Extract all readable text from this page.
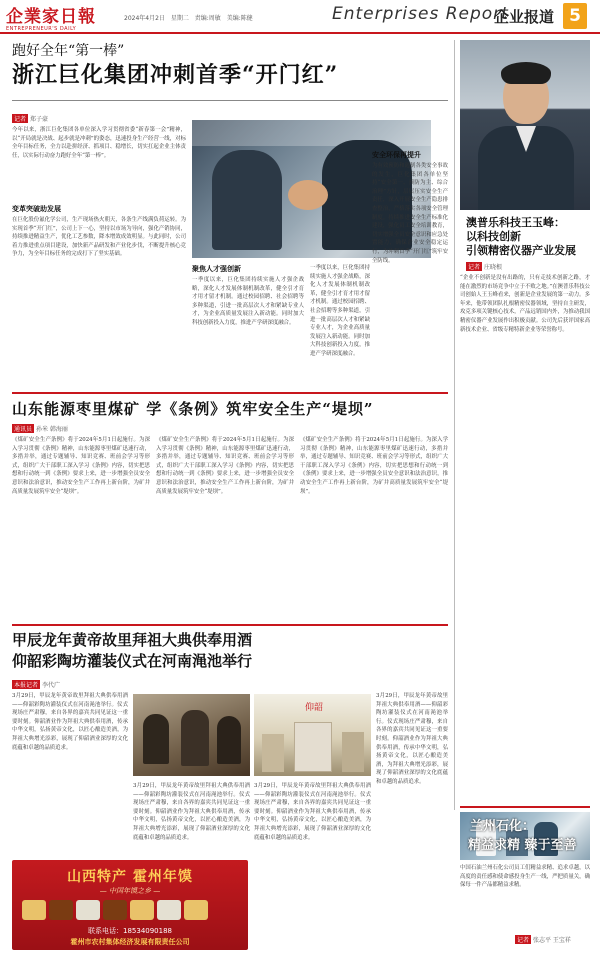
企業家日報
ENTREPRENEUR'S DAILY
2024年4月2日 星期二 责编:周敏 美编:陈健	Enterprises Report
企业报道 5
跑好全年“第一棒”
浙江巨化集团冲刺首季“开门红”
记者 郑子豪
今年以来，浙江巨化集团各单位深入学习贯彻省委“新春第一会”精神，以“开局就是决战、起步就是冲刺”的姿态，迅速投身生产经营一线，对标全年目标任务，全力以赴拼经济、抓项目、稳增长，切实扛起企业主体责任，以实际行动奋力跑好全年“第一棒”。
变革突破助发展
在巨化股份氟化学公司，生产现场热火朝天，各条生产线满负荷运转。为实现首季“开门红”，公司上下一心，坚持以市场为导向，强化产销协同，持续推进精益生产，优化工艺参数，降本增效成效明显。与此同时，公司着力推进重点项目建设，加快新产品研发和产业化步伐，不断提升核心竞争力，为全年目标任务的完成打下了坚实基础。
聚焦人才强创新
一季度以来，巨化集团持续实施人才强企战略，深化人才发展体制机制改革，健全引才育才用才留才机制。通过校园招聘、社会招聘等多种渠道，引进一批高层次人才和紧缺专业人才，为企业高质量发展注入新动能。同时加大科技创新投入力度，推进产学研深度融合。
一季度以来，巨化集团持续实施人才强企战略，深化人才发展体制机制改革，健全引才育才用才留才机制。通过校园招聘、社会招聘等多种渠道，引进一批高层次人才和紧缺专业人才，为企业高质量发展注入新动能。同时加大科技创新投入力度，推进产学研深度融合。
安全环保再提升
为有效预防和遏制各类安全事故的发生，巨化集团各单位坚持“安全第一、预防为主、综合治理”方针，层层压实安全生产责任，深入开展安全生产隐患排查整治，严格落实各项安全管理制度。持续推进安全生产标准化建设，强化员工安全培训教育，切实增强全员安全意识和应急处置能力，确保企业安全稳定运行，为冲刺首季“开门红”筑牢安全防线。
澳普乐科技王玉峰：
以科技创新
引领精密仪器产业发展
记者 庄晓根
“企业不创新是没有出路的，只有走技术创新之路，才能在激烈的市场竞争中立于不败之地。”在澳普乐科技公司创始人王玉峰看来，创新是企业发展的第一动力。多年来，他带领团队扎根精密仪器领域，坚持自主研发，攻克多项关键核心技术，产品远销国内外，为推动我国精密仪器产业发展作出积极贡献。公司先后获评国家高新技术企业、省级专精特新企业等荣誉称号。
山东能源枣里煤矿 学《条例》筑牢安全生产“堤坝”
通讯员 孙米 韩海丽
《煤矿安全生产条例》将于2024年5月1日起施行。为深入学习贯彻《条例》精神，山东能源枣里煤矿迅速行动，多措并举，通过专题辅导、知识竞赛、班前会学习等形式，组织广大干部职工深入学习《条例》内容，切实把思想和行动统一到《条例》要求上来，进一步增强全员安全意识和法治意识，推动安全生产工作再上新台阶，为矿井高质量发展筑牢安全“堤坝”。
《煤矿安全生产条例》将于2024年5月1日起施行。为深入学习贯彻《条例》精神，山东能源枣里煤矿迅速行动，多措并举，通过专题辅导、知识竞赛、班前会学习等形式，组织广大干部职工深入学习《条例》内容，切实把思想和行动统一到《条例》要求上来，进一步增强全员安全意识和法治意识，推动安全生产工作再上新台阶，为矿井高质量发展筑牢安全“堤坝”。
《煤矿安全生产条例》将于2024年5月1日起施行。为深入学习贯彻《条例》精神，山东能源枣里煤矿迅速行动，多措并举，通过专题辅导、知识竞赛、班前会学习等形式，组织广大干部职工深入学习《条例》内容，切实把思想和行动统一到《条例》要求上来，进一步增强全员安全意识和法治意识，推动安全生产工作再上新台阶，为矿井高质量发展筑牢安全“堤坝”。
甲辰龙年黄帝故里拜祖大典供奉用酒
仰韶彩陶坊灌装仪式在河南渑池举行
本报记者 李代广
3月29日，甲辰龙年黄帝故里拜祖大典供奉用酒——仰韶彩陶坊灌装仪式在河南渑池举行。仪式现场庄严肃穆，来自各界的嘉宾共同见证这一重要时刻。仰韶酒业作为拜祖大典供奉用酒，传承中华文明，弘扬黄帝文化，以匠心酿造美酒，为拜祖大典增光添彩，展现了仰韶酒业深厚的文化底蕴和卓越的品质追求。
仰韶
3月29日，甲辰龙年黄帝故里拜祖大典供奉用酒——仰韶彩陶坊灌装仪式在河南渑池举行。仪式现场庄严肃穆，来自各界的嘉宾共同见证这一重要时刻。仰韶酒业作为拜祖大典供奉用酒，传承中华文明，弘扬黄帝文化，以匠心酿造美酒，为拜祖大典增光添彩，展现了仰韶酒业深厚的文化底蕴和卓越的品质追求。
3月29日，甲辰龙年黄帝故里拜祖大典供奉用酒——仰韶彩陶坊灌装仪式在河南渑池举行。仪式现场庄严肃穆，来自各界的嘉宾共同见证这一重要时刻。仰韶酒业作为拜祖大典供奉用酒，传承中华文明，弘扬黄帝文化，以匠心酿造美酒，为拜祖大典增光添彩，展现了仰韶酒业深厚的文化底蕴和卓越的品质追求。
3月29日，甲辰龙年黄帝故里拜祖大典供奉用酒——仰韶彩陶坊灌装仪式在河南渑池举行。仪式现场庄严肃穆，来自各界的嘉宾共同见证这一重要时刻。仰韶酒业作为拜祖大典供奉用酒，传承中华文明，弘扬黄帝文化，以匠心酿造美酒，为拜祖大典增光添彩，展现了仰韶酒业深厚的文化底蕴和卓越的品质追求。
山西特产 霍州年馍
— 中国年馍之乡 —
联系电话：18534090188
霍州市农村集体经济发展有限责任公司
兰州石化：
精益求精 臻于至善
中国石油兰州石化公司员工们精益求精、追求卓越，以高度的责任感和使命感投身生产一线，严把质量关，确保每一件产品都精益求精。
记者 张志平 王宝祥
